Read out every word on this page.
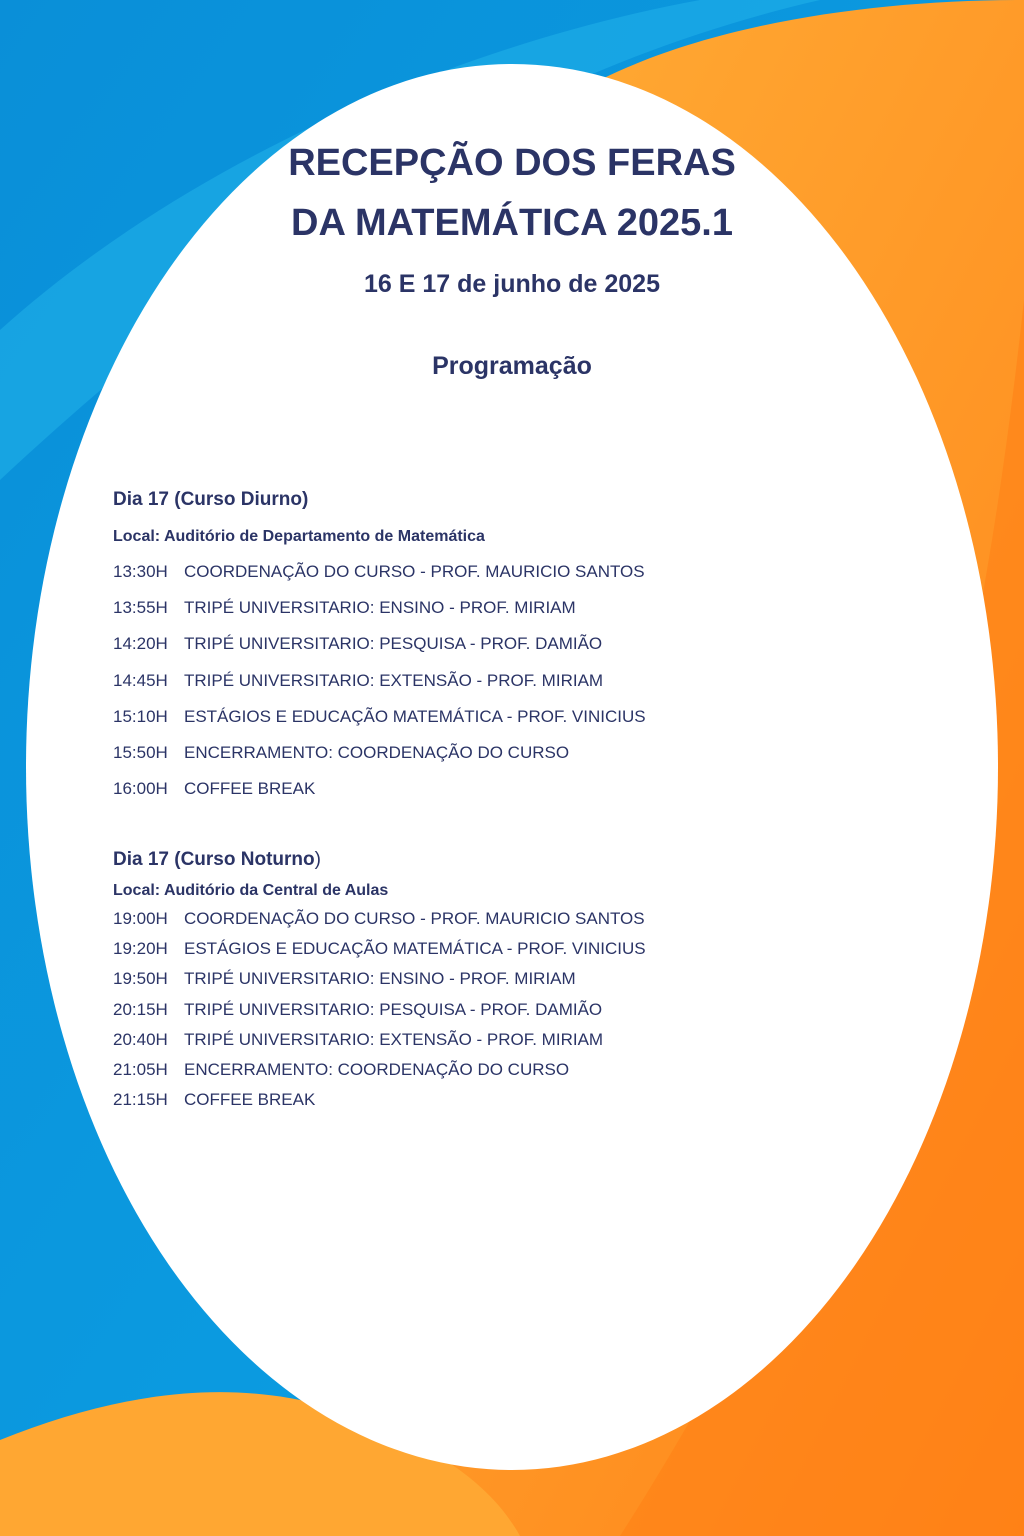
RECEPÇÃO DOS FERAS
DA MATEMÁTICA 2025.1
16 E 17 de junho de 2025
Programação
Dia 17 (Curso Diurno)
Local: Auditório de Departamento de Matemática
13:30H COORDENAÇÃO DO CURSO - PROF. MAURICIO SANTOS
13:55H TRIPÉ UNIVERSITARIO: ENSINO - PROF. MIRIAM
14:20H TRIPÉ UNIVERSITARIO: PESQUISA - PROF. DAMIÃO
14:45H TRIPÉ UNIVERSITARIO: EXTENSÃO - PROF. MIRIAM
15:10H ESTÁGIOS E EDUCAÇÃO MATEMÁTICA - PROF. VINICIUS
15:50H ENCERRAMENTO: COORDENAÇÃO DO CURSO
16:00H COFFEE BREAK
Dia 17 (Curso Noturno)
Local: Auditório da Central de Aulas
19:00H COORDENAÇÃO DO CURSO - PROF. MAURICIO SANTOS
19:20H ESTÁGIOS E EDUCAÇÃO MATEMÁTICA - PROF. VINICIUS
19:50H TRIPÉ UNIVERSITARIO: ENSINO - PROF. MIRIAM
20:15H TRIPÉ UNIVERSITARIO: PESQUISA - PROF. DAMIÃO
20:40H TRIPÉ UNIVERSITARIO: EXTENSÃO - PROF. MIRIAM
21:05H ENCERRAMENTO: COORDENAÇÃO DO CURSO
21:15H COFFEE BREAK
